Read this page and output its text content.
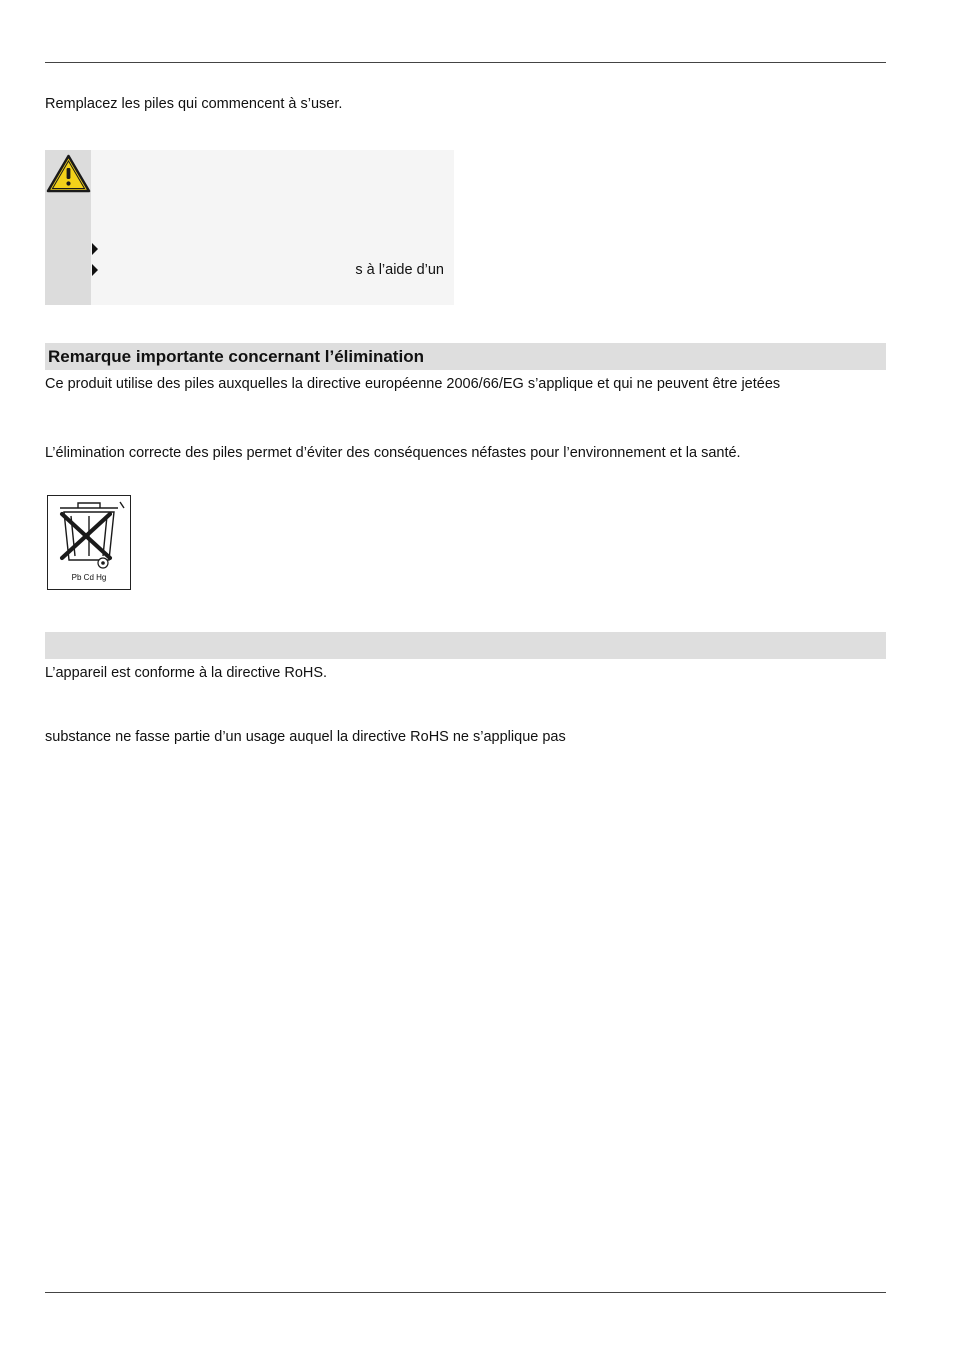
Remplacez les piles qui commencent à s’user.
s à l’aide d’un
Remarque importante concernant l’élimination
Ce produit utilise des piles auxquelles la directive européenne 2006/66/EG s’applique et qui ne peuvent être jetées
L’élimination correcte des piles permet d’éviter des conséquences néfastes pour l’environnement et la santé.
Pb Cd Hg
L’appareil est conforme à la directive RoHS.
substance ne fasse partie d’un usage auquel la directive RoHS ne s’applique pas
